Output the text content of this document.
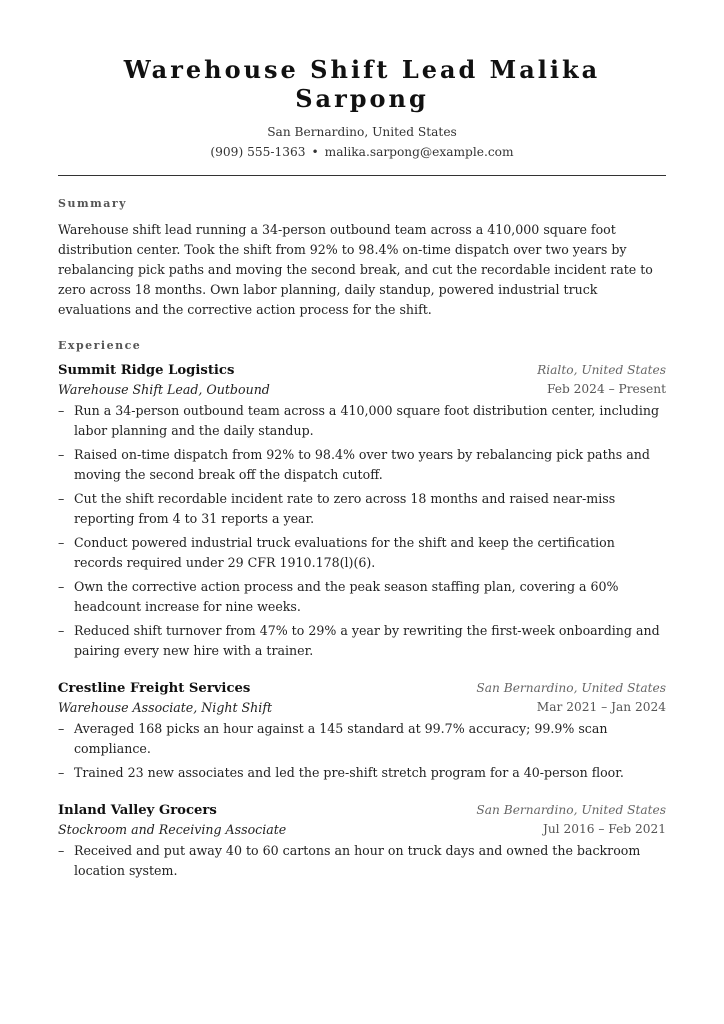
Warehouse Shift Lead Malika Sarpong
San Bernardino, United States
(909) 555-1363 • malika.sarpong@example.com
Summary

Warehouse shift lead running a 34-person outbound team across a 410,000 square foot distribution center. Took the shift from 92% to 98.4% on-time dispatch over two years by rebalancing pick paths and moving the second break, and cut the recordable incident rate to zero across 18 months. Own labor planning, daily standup, powered industrial truck evaluations and the corrective action process for the shift.

Experience
Summit Ridge Logistics	Rialto, United States
Warehouse Shift Lead, Outbound	Feb 2024 – Present
– Run a 34-person outbound team across a 410,000 square foot distribution center, including labor planning and the daily standup.
– Raised on-time dispatch from 92% to 98.4% over two years by rebalancing pick paths and moving the second break off the dispatch cutoff.
– Cut the shift recordable incident rate to zero across 18 months and raised near-miss reporting from 4 to 31 reports a year.
– Conduct powered industrial truck evaluations for the shift and keep the certification records required under 29 CFR 1910.178(l)(6).
– Own the corrective action process and the peak season staffing plan, covering a 60% headcount increase for nine weeks.
– Reduced shift turnover from 47% to 29% a year by rewriting the first-week onboarding and pairing every new hire with a trainer.
Crestline Freight Services	San Bernardino, United States
Warehouse Associate, Night Shift	Mar 2021 – Jan 2024
– Averaged 168 picks an hour against a 145 standard at 99.7% accuracy; 99.9% scan compliance.
– Trained 23 new associates and led the pre-shift stretch program for a 40-person floor.
Inland Valley Grocers	San Bernardino, United States
Stockroom and Receiving Associate	Jul 2016 – Feb 2021
– Received and put away 40 to 60 cartons an hour on truck days and owned the backroom location system.
